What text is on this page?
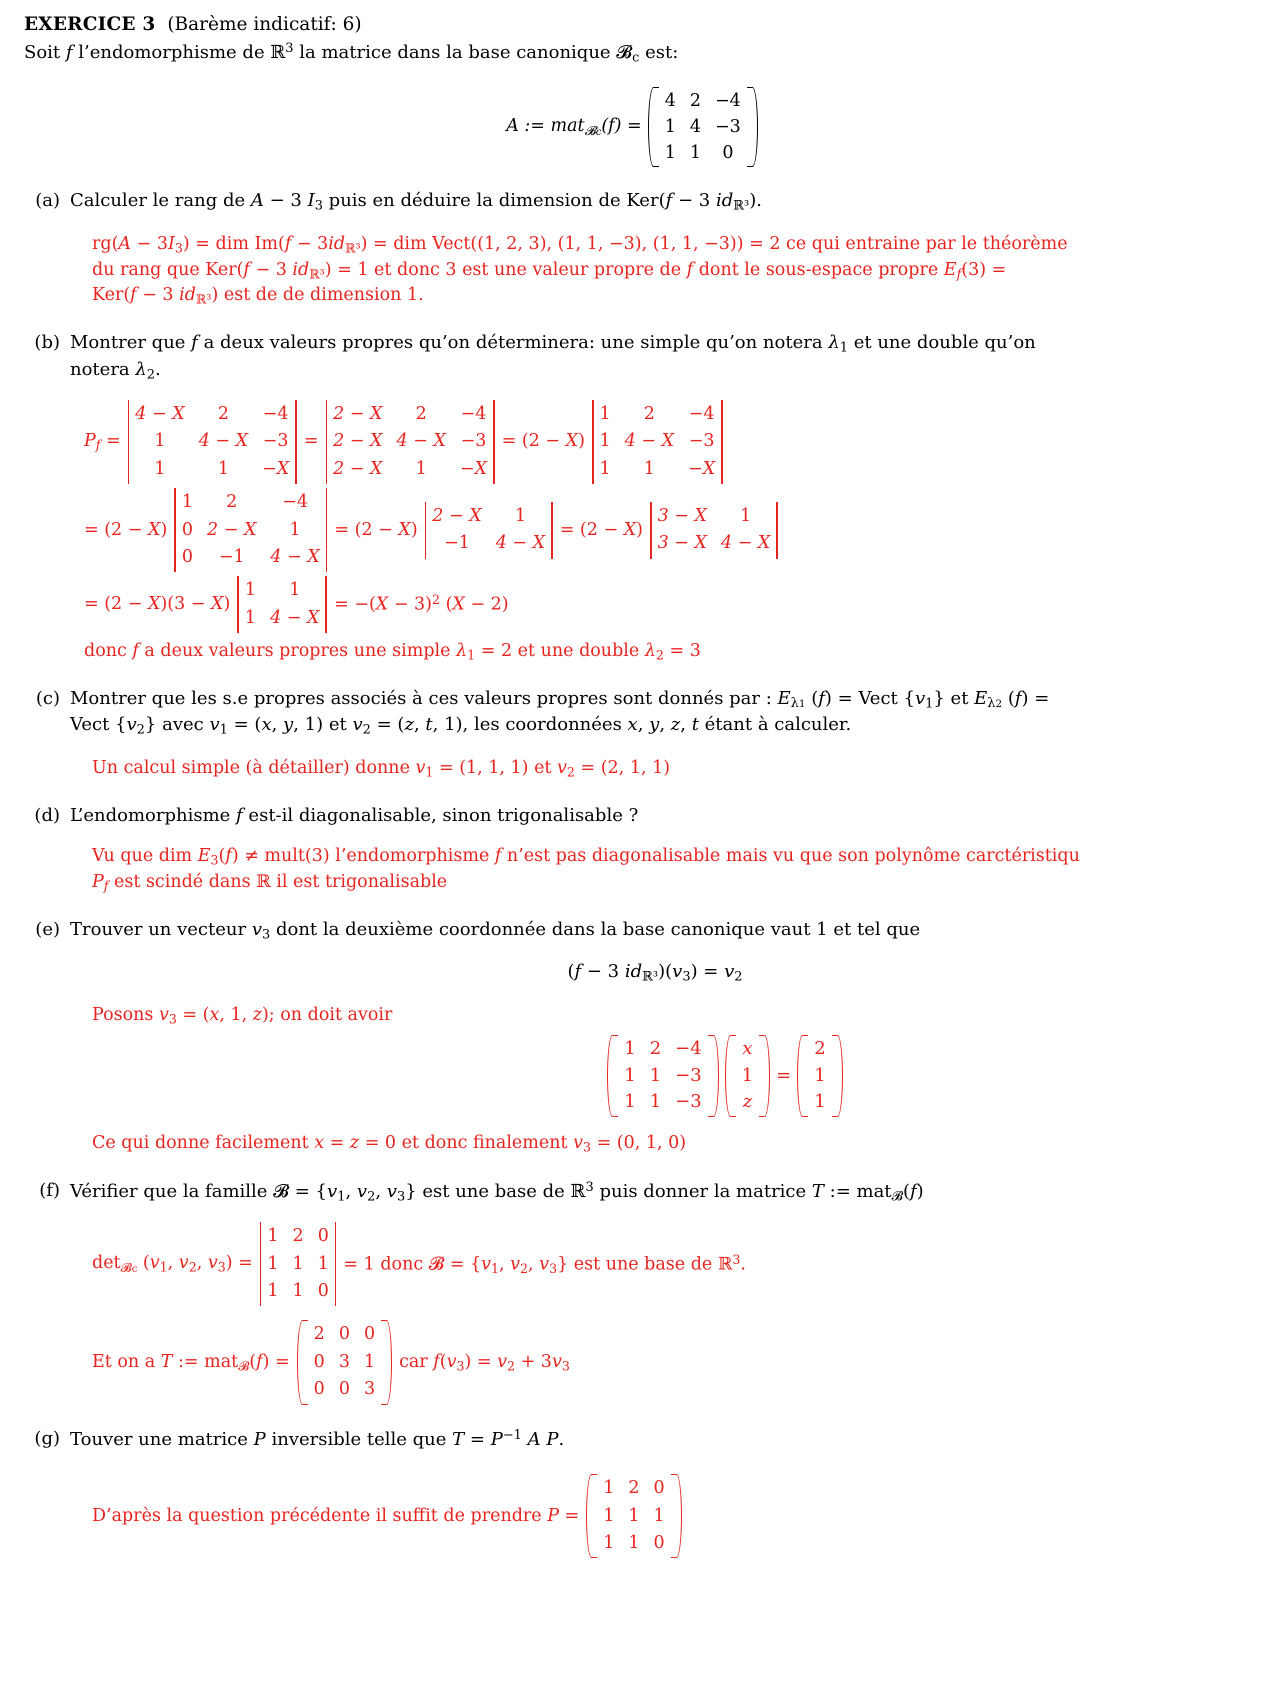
EXERCICE 3 (Barème indicatif: 6)
Soit f l’endomorphisme de ℝ$^3$ la matrice dans la base canonique 𝓑$_c$ est:
A := mat$_{𝓑c}$(f) =
4 2 −4
1 4 −3
1 1 0
(a) Calculer le rang de A − 3 $I_3$ puis en déduire la dimension de Ker(f − 3 $id_{ℝ^3}$).
$rg(A - 3I_3)$ = dim $Im(f - 3id_{ℝ^3})$ = dim Vect((1, 2, 3), (1, 1, −3), (1, 1, −3)) = 2 ce qui entraine par le théorème
du rang que Ker(f − 3 $id_{ℝ^3}) = 1$ et donc 3 est une valeur propre de f dont le sous-espace propre $E_f(3)$ =
Ker(f − 3 $id_{ℝ^3}$) est de de dimension 1.
(b) Montrer que f a deux valeurs propres qu’on déterminera: une simple qu’on notera $\lambda_1$ et une double qu’on
notera $\lambda_2$.
$P_f$ =
4 − X 2 −4
1 4 − X −3
1	1 −X
=
2 − X 2 −4
2 − X 4 − X −3
2 − X 1 −X
= (2 − X)
1 2 −4
1 4 − X −3
1 1 −X
= (2 − X)
1 2	−4
0 2 − X 1
0 −1 4 − X
= (2 − X)
2 − X 1
−1 4 − X
= (2 − X)
3 − X 1
3 − X 4 − X
= (2 − X)(3 − X)
1 1
1 4 − X
= $-(X - 3)^2$ (X − 2)
donc f a deux valeurs propres une simple $\lambda_1 = 2$ et une double $\lambda_2 = 3$
(c) Montrer que les s.e propres associés à ces valeurs propres sont donnés par : $E_{\lambda 1}$ (f) = Vect $\{v_1\}$ et $E_{\lambda 2}$ (f) =
Vect $\{v_2\}$ avec $v_1 = (x$, y, 1) et $v_2 = (z$, t, 1), les coordonnées x, y, z, t étant à calculer.
Un calcul simple (à détailler) donne $v_1 = (1$, 1, 1) et $v_2 = (2$, 1, 1)
(d) L’endomorphisme f est-il diagonalisable, sinon trigonalisable ?
Vu que dim $E_3(f)$ ≠ mult(3) l’endomorphisme f n’est pas diagonalisable mais vu que son polynôme carctéristiqu
$P_f$ est scindé dans ℝ il est trigonalisable
(e) Trouver un vecteur $v_3$ dont la deuxième coordonnée dans la base canonique vaut 1 et tel que
(f − 3 $id_{ℝ^3})(v_3) = v_2$
Posons $v_3 = (x$, 1, z); on doit avoir
1 2 −4
1 1 −3
1 1 −3
x
1
z
=
2
1
1
Ce qui donne facilement x = z = 0 et donc finalement $v_3 = (0$, 1, 0)
(f) Vérifier que la famille 𝓑 = {$v_1$, $v_2$, $v_3$} est une base de ℝ$^3$ puis donner la matrice T := mat$_𝓑$(f)
$\det_{𝓑c} (v_1$, $v_2$, $v_3$) =
1 2 0
1 1 1
1 1 0
= 1 donc 𝓑 = {$v_1$, $v_2$, $v_3$} est une base de ℝ$^3$.
Et on a T := mat$_𝓑$(f) =
2 0 0
0 3 1
0 0 3
car $f(v_3) = v_2 + 3v_3$
(g) Touver une matrice P inversible telle que $T = P^{-1}$ A P.
D’après la question précédente il suffit de prendre P =
1 2 0
1 1 1
1 1 0
